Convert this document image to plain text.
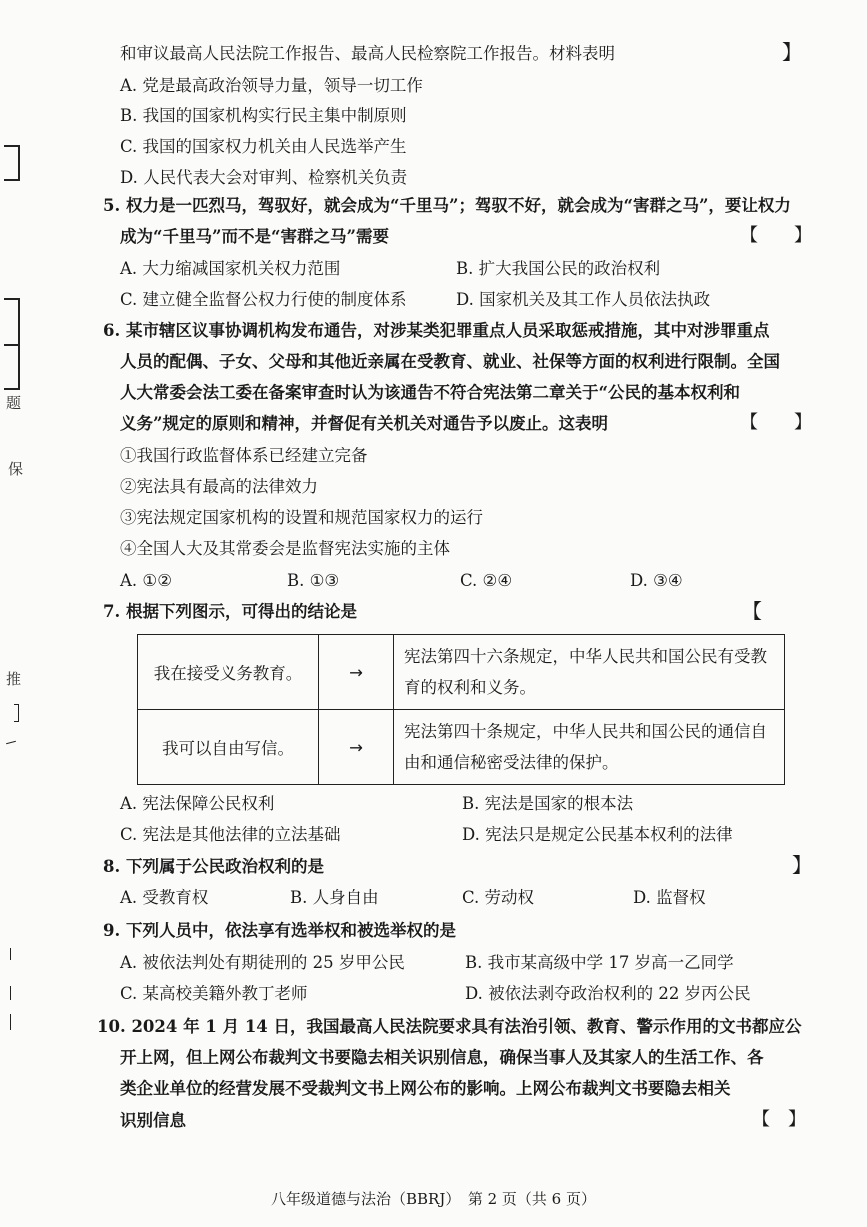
题
保
推
和审议最高人民法院工作报告、最高人民检察院工作报告。材料表明	】
A. 党是最高政治领导力量，领导一切工作
B. 我国的国家机构实行民主集中制原则
C. 我国的国家权力机关由人民选举产生
D. 人民代表大会对审判、检察机关负责
5. 权力是一匹烈马，驾驭好，就会成为“千里马”；驾驭不好，就会成为“害群之马”，要让权力
成为“千里马”而不是“害群之马”需要	【　　】
A. 大力缩减国家机关权力范围	B. 扩大我国公民的政治权利
C. 建立健全监督公权力行使的制度体系	D. 国家机关及其工作人员依法执政
6. 某市辖区议事协调机构发布通告，对涉某类犯罪重点人员采取惩戒措施，其中对涉罪重点
人员的配偶、子女、父母和其他近亲属在受教育、就业、社保等方面的权利进行限制。全国
人大常委会法工委在备案审查时认为该通告不符合宪法第二章关于“公民的基本权利和
义务”规定的原则和精神，并督促有关机关对通告予以废止。这表明	【　　】
①我国行政监督体系已经建立完备
②宪法具有最高的法律效力
③宪法规定国家机构的设置和规范国家权力的运行
④全国人大及其常委会是监督宪法实施的主体
A. ①②	B. ①③	C. ②④	D. ③④
7. 根据下列图示，可得出的结论是	【
我在接受义务教育。	→	宪法第四十六条规定，中华人民共和国公民有受教育的权利和义务。
我可以自由写信。	→	宪法第四十条规定，中华人民共和国公民的通信自由和通信秘密受法律的保护。
A. 宪法保障公民权利	B. 宪法是国家的根本法
C. 宪法是其他法律的立法基础	D. 宪法只是规定公民基本权利的法律
8. 下列属于公民政治权利的是	】
A. 受教育权	B. 人身自由	C. 劳动权	D. 监督权
9. 下列人员中，依法享有选举权和被选举权的是
A. 被依法判处有期徒刑的 25 岁甲公民	B. 我市某高级中学 17 岁高一乙同学
C. 某高校美籍外教丁老师	D. 被依法剥夺政治权利的 22 岁丙公民
10. 2024 年 1 月 14 日，我国最高人民法院要求具有法治引领、教育、警示作用的文书都应公
开上网，但上网公布裁判文书要隐去相关识别信息，确保当事人及其家人的生活工作、各
类企业单位的经营发展不受裁判文书上网公布的影响。上网公布裁判文书要隐去相关
识别信息	【　】
八年级道德与法治（BBRJ）　第 2 页（共 6 页）
